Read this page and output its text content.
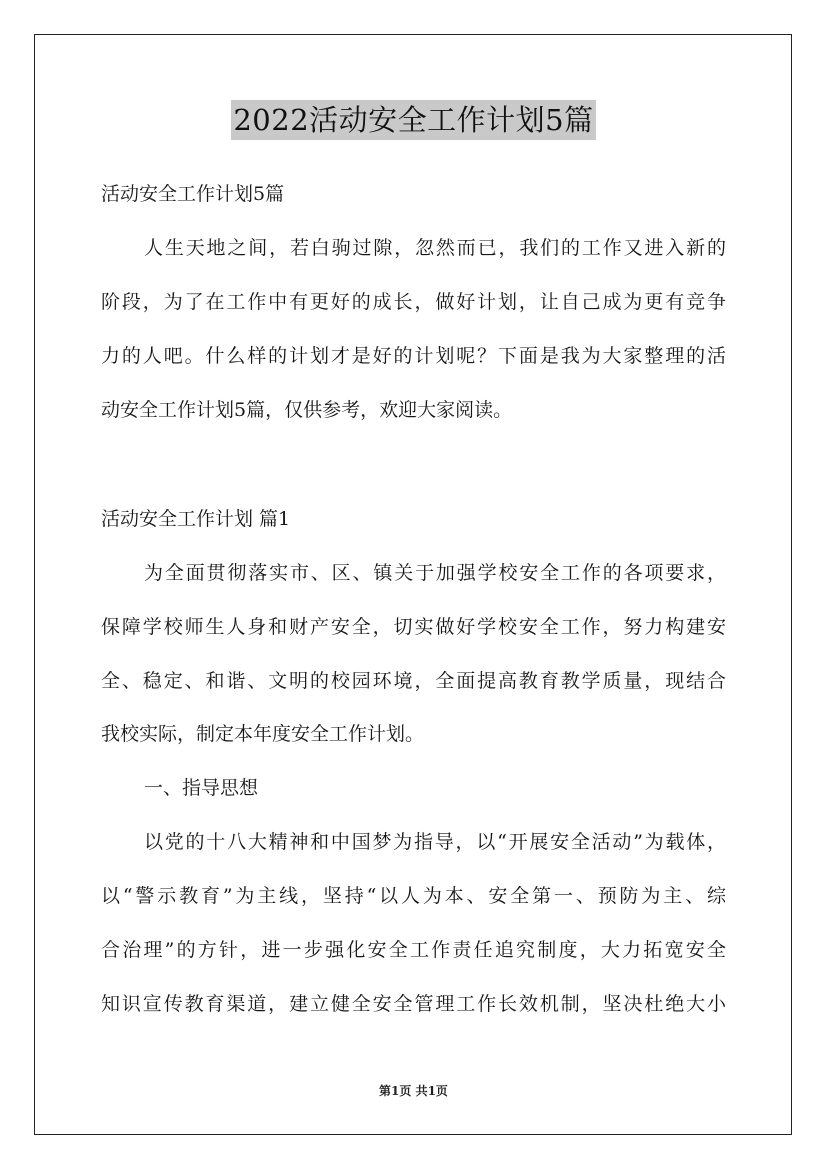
2022活动安全工作计划5篇
活动安全工作计划5篇
人生天地之间，若白驹过隙，忽然而已，我们的工作又进入新的
阶段，为了在工作中有更好的成长，做好计划，让自己成为更有竞争
力的人吧。什么样的计划才是好的计划呢？下面是我为大家整理的活
动安全工作计划5篇，仅供参考，欢迎大家阅读。
活动安全工作计划 篇1
为全面贯彻落实市、区、镇关于加强学校安全工作的各项要求，
保障学校师生人身和财产安全，切实做好学校安全工作，努力构建安
全、稳定、和谐、文明的校园环境，全面提高教育教学质量，现结合
我校实际，制定本年度安全工作计划。
一、指导思想
以党的十八大精神和中国梦为指导，以“开展安全活动”为载体，
以“警示教育”为主线，坚持“以人为本、安全第一、预防为主、综
合治理”的方针，进一步强化安全工作责任追究制度，大力拓宽安全
知识宣传教育渠道，建立健全安全管理工作长效机制，坚决杜绝大小
第1页 共1页
